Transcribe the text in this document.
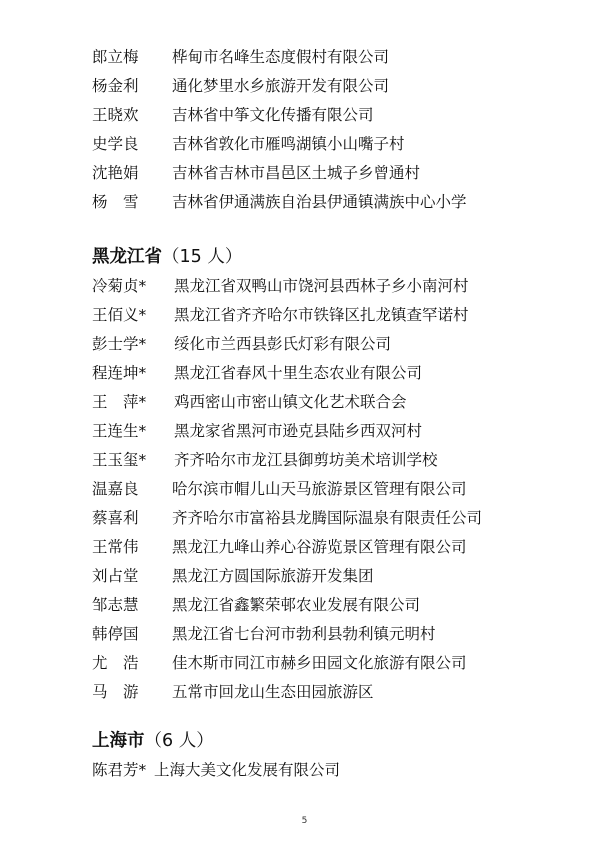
郎立梅 桦甸市名峰生态度假村有限公司
杨金利 通化梦里水乡旅游开发有限公司
王晓欢 吉林省中筝文化传播有限公司
史学良 吉林省敦化市雁鸣湖镇小山嘴子村
沈艳娟 吉林省吉林市昌邑区土城子乡曾通村
杨　雪 吉林省伊通满族自治县伊通镇满族中心小学
黑龙江省（15 人）
冷菊贞* 黑龙江省双鸭山市饶河县西林子乡小南河村
王佰义* 黑龙江省齐齐哈尔市铁锋区扎龙镇查罕诺村
彭士学* 绥化市兰西县彭氏灯彩有限公司
程连坤* 黑龙江省春风十里生态农业有限公司
王　萍* 鸡西密山市密山镇文化艺术联合会
王连生* 黑龙家省黑河市逊克县陆乡西双河村
王玉玺* 齐齐哈尔市龙江县御剪坊美术培训学校
温嘉良 哈尔滨市帽儿山天马旅游景区管理有限公司
蔡喜利 齐齐哈尔市富裕县龙腾国际温泉有限责任公司
王常伟 黑龙江九峰山养心谷游览景区管理有限公司
刘占堂 黑龙江方圆国际旅游开发集团
邹志慧 黑龙江省鑫繁荣邨农业发展有限公司
韩停国 黑龙江省七台河市勃利县勃利镇元明村
尤　浩 佳木斯市同江市赫乡田园文化旅游有限公司
马　游 五常市回龙山生态田园旅游区
上海市（6 人）
陈君芳* 上海大美文化发展有限公司
5
